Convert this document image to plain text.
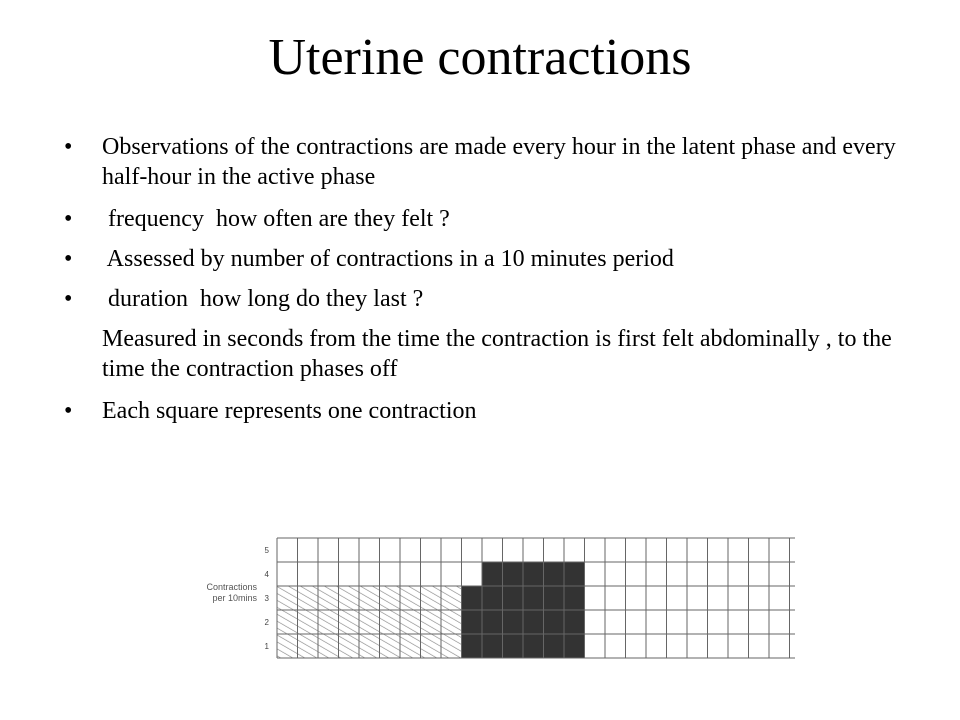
Uterine contractions
• Observations of the contractions are made every hour in the latent phase and every half-hour in the active phase
• frequency  how often are they felt ?
• Assessed by number of contractions in a 10 minutes period
• duration  how long do they last ?
Measured in seconds from the time the contraction is first felt abdominally , to the time the contraction phases off
• Each square represents one contraction
1
2
3
4
5
Contractions per 10mins
